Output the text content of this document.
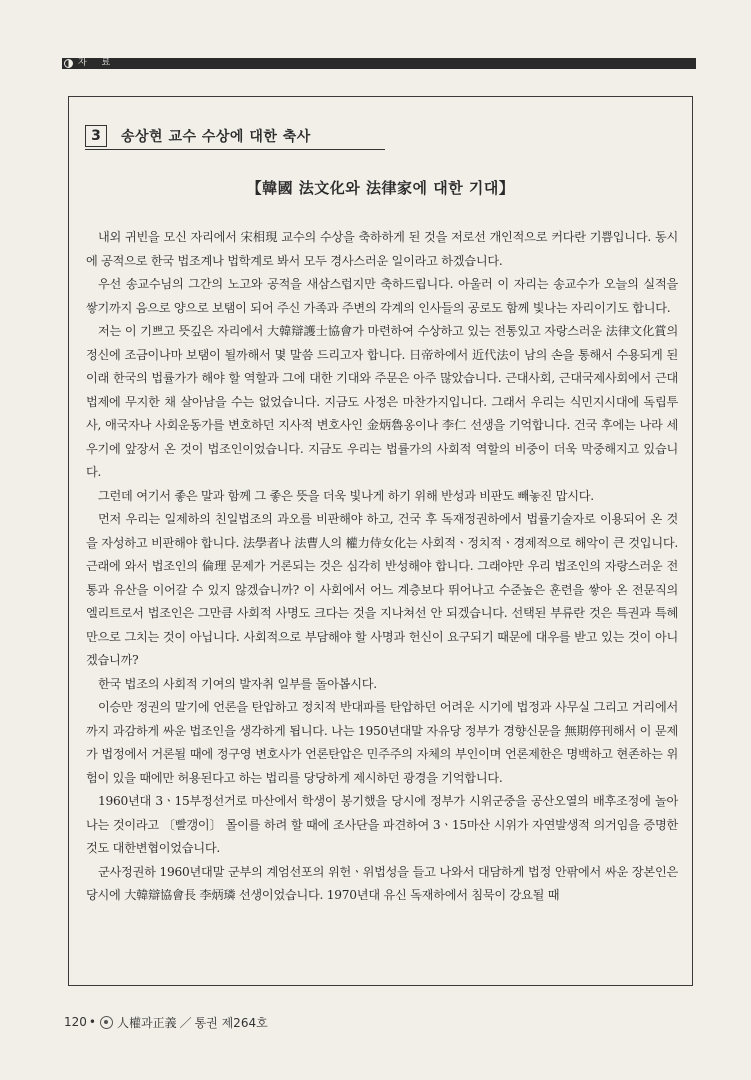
자 료
3	송상현 교수 수상에 대한 축사
【韓國 法文化와 法律家에 대한 기대】

내외 귀빈을 모신 자리에서 宋相現 교수의 수상을 축하하게 된 것을 저로선 개인적으로 커다란 기쁨입니다. 동시에 공적으로 한국 법조계나 법학계로 봐서 모두 경사스러운 일이라고 하겠습니다.

우선 송교수님의 그간의 노고와 공적을 새삼스럽지만 축하드립니다. 아울러 이 자리는 송교수가 오늘의 실적을 쌓기까지 음으로 양으로 보탬이 되어 주신 가족과 주변의 각계의 인사들의 공로도 함께 빛나는 자리이기도 합니다.

저는 이 기쁘고 뜻깊은 자리에서 大韓辯護士協會가 마련하여 수상하고 있는 전통있고 자랑스러운 法律文化賞의 정신에 조금이나마 보탬이 될까해서 몇 말씀 드리고자 합니다. 日帝하에서 近代法이 남의 손을 통해서 수용되게 된 이래 한국의 법률가가 해야 할 역할과 그에 대한 기대와 주문은 아주 많았습니다. 근대사회, 근대국제사회에서 근대 법제에 무지한 채 살아남을 수는 없었습니다. 지금도 사정은 마찬가지입니다. 그래서 우리는 식민지시대에 독립투사, 애국자나 사회운동가를 변호하던 지사적 변호사인 金炳魯옹이나 李仁 선생을 기억합니다. 건국 후에는 나라 세우기에 앞장서 온 것이 법조인이었습니다. 지금도 우리는 법률가의 사회적 역할의 비중이 더욱 막중해지고 있습니다.

그런데 여기서 좋은 말과 함께 그 좋은 뜻을 더욱 빛나게 하기 위해 반성과 비판도 빼놓진 맙시다.

먼저 우리는 일제하의 친일법조의 과오를 비판해야 하고, 건국 후 독재정권하에서 법률기술자로 이용되어 온 것을 자성하고 비판해야 합니다. 法學者나 法曹人의 權力侍女化는 사회적ㆍ정치적ㆍ경제적으로 해악이 큰 것입니다. 근래에 와서 법조인의 倫理 문제가 거론되는 것은 심각히 반성해야 합니다. 그래야만 우리 법조인의 자랑스러운 전통과 유산을 이어갈 수 있지 않겠습니까? 이 사회에서 어느 계층보다 뛰어나고 수준높은 훈련을 쌓아 온 전문직의 엘리트로서 법조인은 그만큼 사회적 사명도 크다는 것을 지나쳐선 안 되겠습니다. 선택된 부류란 것은 특권과 특혜만으로 그치는 것이 아닙니다. 사회적으로 부담해야 할 사명과 헌신이 요구되기 때문에 대우를 받고 있는 것이 아니겠습니까?

한국 법조의 사회적 기여의 발자취 일부를 돌아봅시다.

이승만 정권의 말기에 언론을 탄압하고 정치적 반대파를 탄압하던 어려운 시기에 법정과 사무실 그리고 거리에서까지 과감하게 싸운 법조인을 생각하게 됩니다. 나는 1950년대말 자유당 정부가 경향신문을 無期停刊해서 이 문제가 법정에서 거론될 때에 정구영 변호사가 언론탄압은 민주주의 자체의 부인이며 언론제한은 명백하고 현존하는 위험이 있을 때에만 허용된다고 하는 법리를 당당하게 제시하던 광경을 기억합니다.

1960년대 3ㆍ15부정선거로 마산에서 학생이 봉기했을 당시에 정부가 시위군중을 공산오열의 배후조정에 놀아나는 것이라고 〔빨갱이〕 몰이를 하려 할 때에 조사단을 파견하여 3ㆍ15마산 시위가 자연발생적 의거임을 증명한 것도 대한변협이었습니다.

군사정권하 1960년대말 군부의 계엄선포의 위헌ㆍ위법성을 들고 나와서 대담하게 법정 안팎에서 싸운 장본인은 당시에 大韓辯協會長 李炳璘 선생이었습니다. 1970년대 유신 독재하에서 침묵이 강요될 때

120 • 人權과正義 ／ 통권 제264호
